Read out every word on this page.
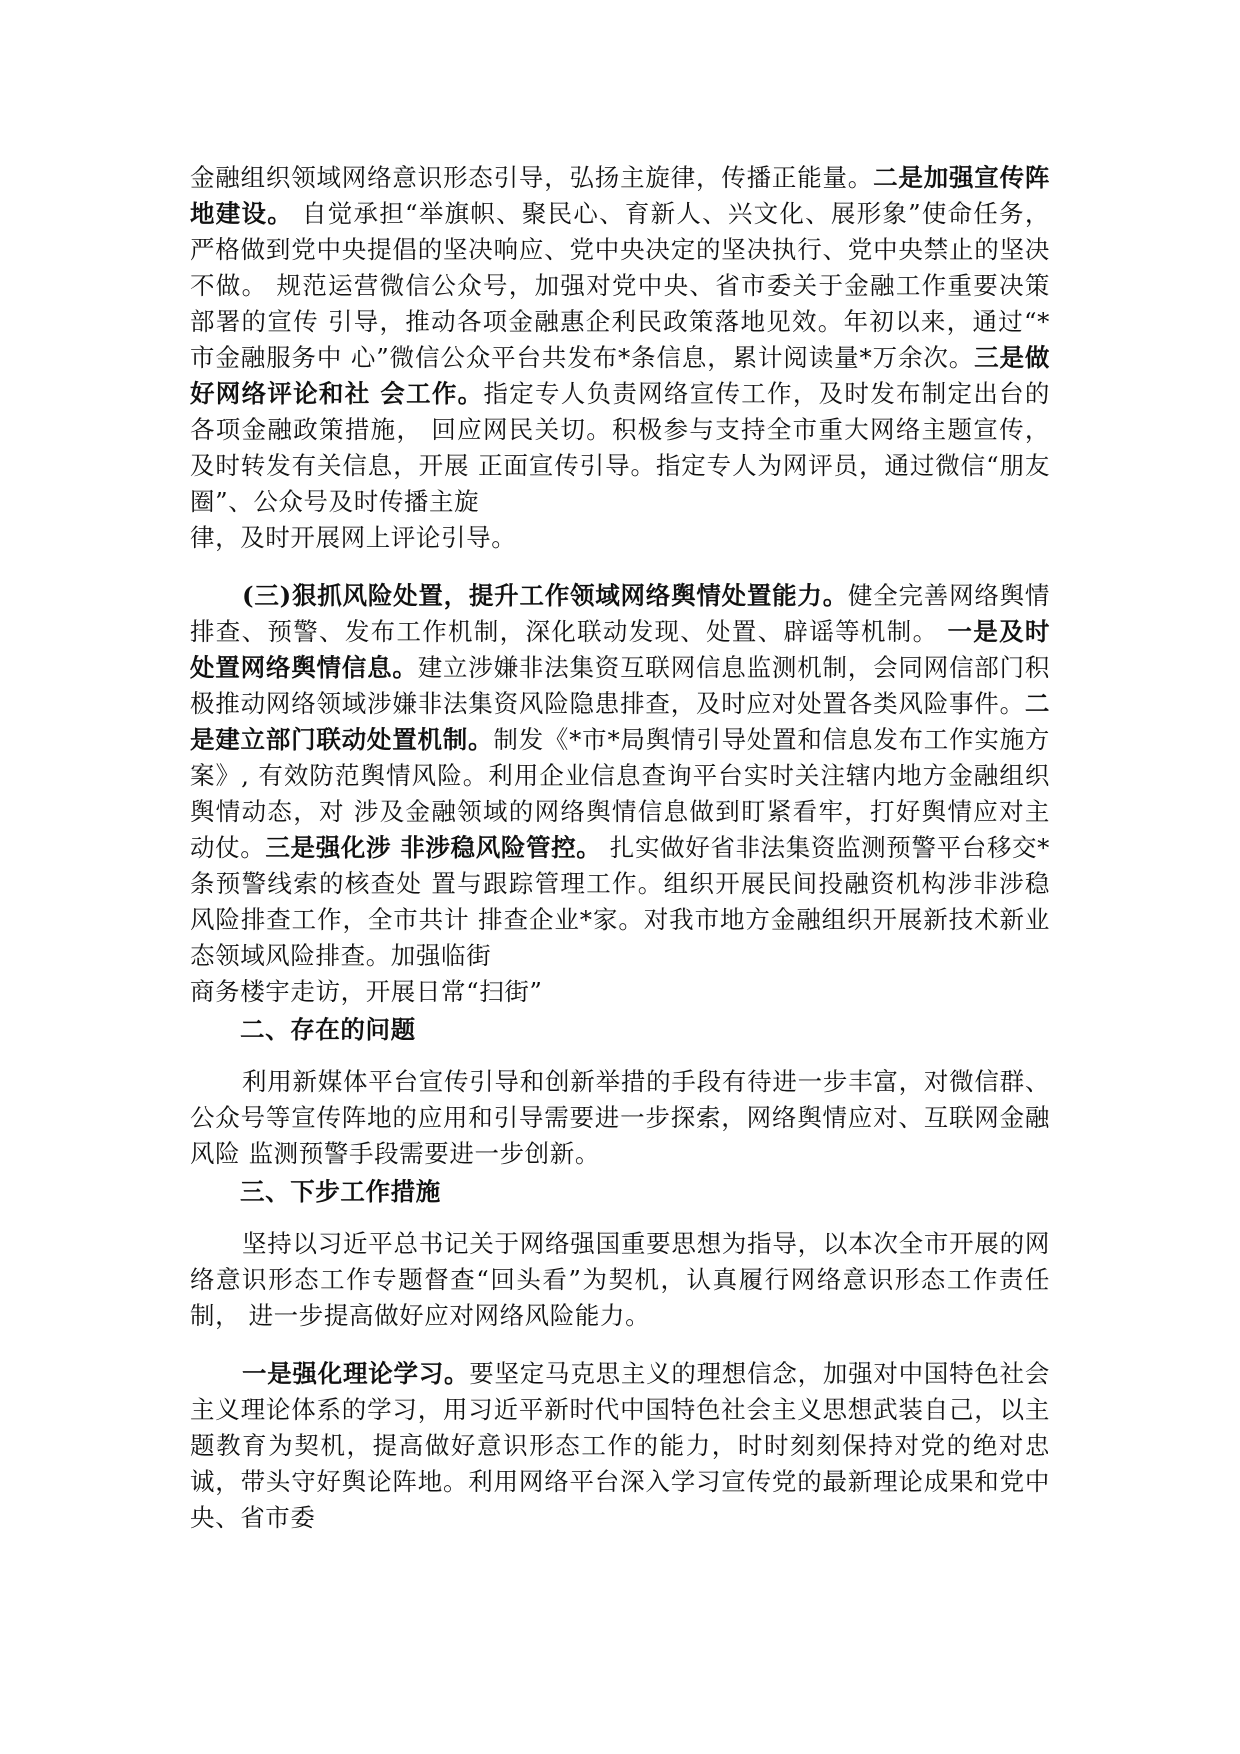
金融组织领域网络意识形态引导，弘扬主旋律，传播正能量。二是加强宣传阵地建设。 自觉承担“举旗帜、聚民心、育新人、兴文化、展形象”使命任务，严格做到党中央提倡的坚决响应、党中央决定的坚决执行、党中央禁止的坚决不做。 规范运营微信公众号，加强对党中央、省市委关于金融工作重要决策部署的宣传 引导，推动各项金融惠企利民政策落地见效。年初以来，通过“*市金融服务中 心”微信公众平台共发布*条信息，累计阅读量*万余次。三是做好网络评论和社 会工作。指定专人负责网络宣传工作，及时发布制定出台的各项金融政策措施， 回应网民关切。积极参与支持全市重大网络主题宣传，及时转发有关信息，开展 正面宣传引导。指定专人为网评员，通过微信“朋友圈”、公众号及时传播主旋

律，及时开展网上评论引导。

(三)狠抓风险处置，提升工作领域网络舆情处置能力。健全完善网络舆情排查、预警、发布工作机制，深化联动发现、处置、辟谣等机制。 一是及时处置网络舆情信息。建立涉嫌非法集资互联网信息监测机制，会同网信部门积极推动网络领域涉嫌非法集资风险隐患排查，及时应对处置各类风险事件。二是建立部门联动处置机制。制发《*市*局舆情引导处置和信息发布工作实施方案》, 有效防范舆情风险。利用企业信息查询平台实时关注辖内地方金融组织舆情动态，对 涉及金融领域的网络舆情信息做到盯紧看牢，打好舆情应对主动仗。三是强化涉 非涉稳风险管控。 扎实做好省非法集资监测预警平台移交*条预警线索的核查处 置与跟踪管理工作。组织开展民间投融资机构涉非涉稳风险排查工作，全市共计 排查企业*家。对我市地方金融组织开展新技术新业态领域风险排查。加强临街

商务楼宇走访，开展日常“扫街”

二、存在的问题

利用新媒体平台宣传引导和创新举措的手段有待进一步丰富，对微信群、公众号等宣传阵地的应用和引导需要进一步探索，网络舆情应对、互联网金融风险 监测预警手段需要进一步创新。

三、下步工作措施

坚持以习近平总书记关于网络强国重要思想为指导，以本次全市开展的网络意识形态工作专题督查“回头看”为契机，认真履行网络意识形态工作责任制， 进一步提高做好应对网络风险能力。

一是强化理论学习。要坚定马克思主义的理想信念，加强对中国特色社会主义理论体系的学习，用习近平新时代中国特色社会主义思想武装自己，以主题教育为契机，提高做好意识形态工作的能力，时时刻刻保持对党的绝对忠诚，带头守好舆论阵地。利用网络平台深入学习宣传党的最新理论成果和党中央、省市委
